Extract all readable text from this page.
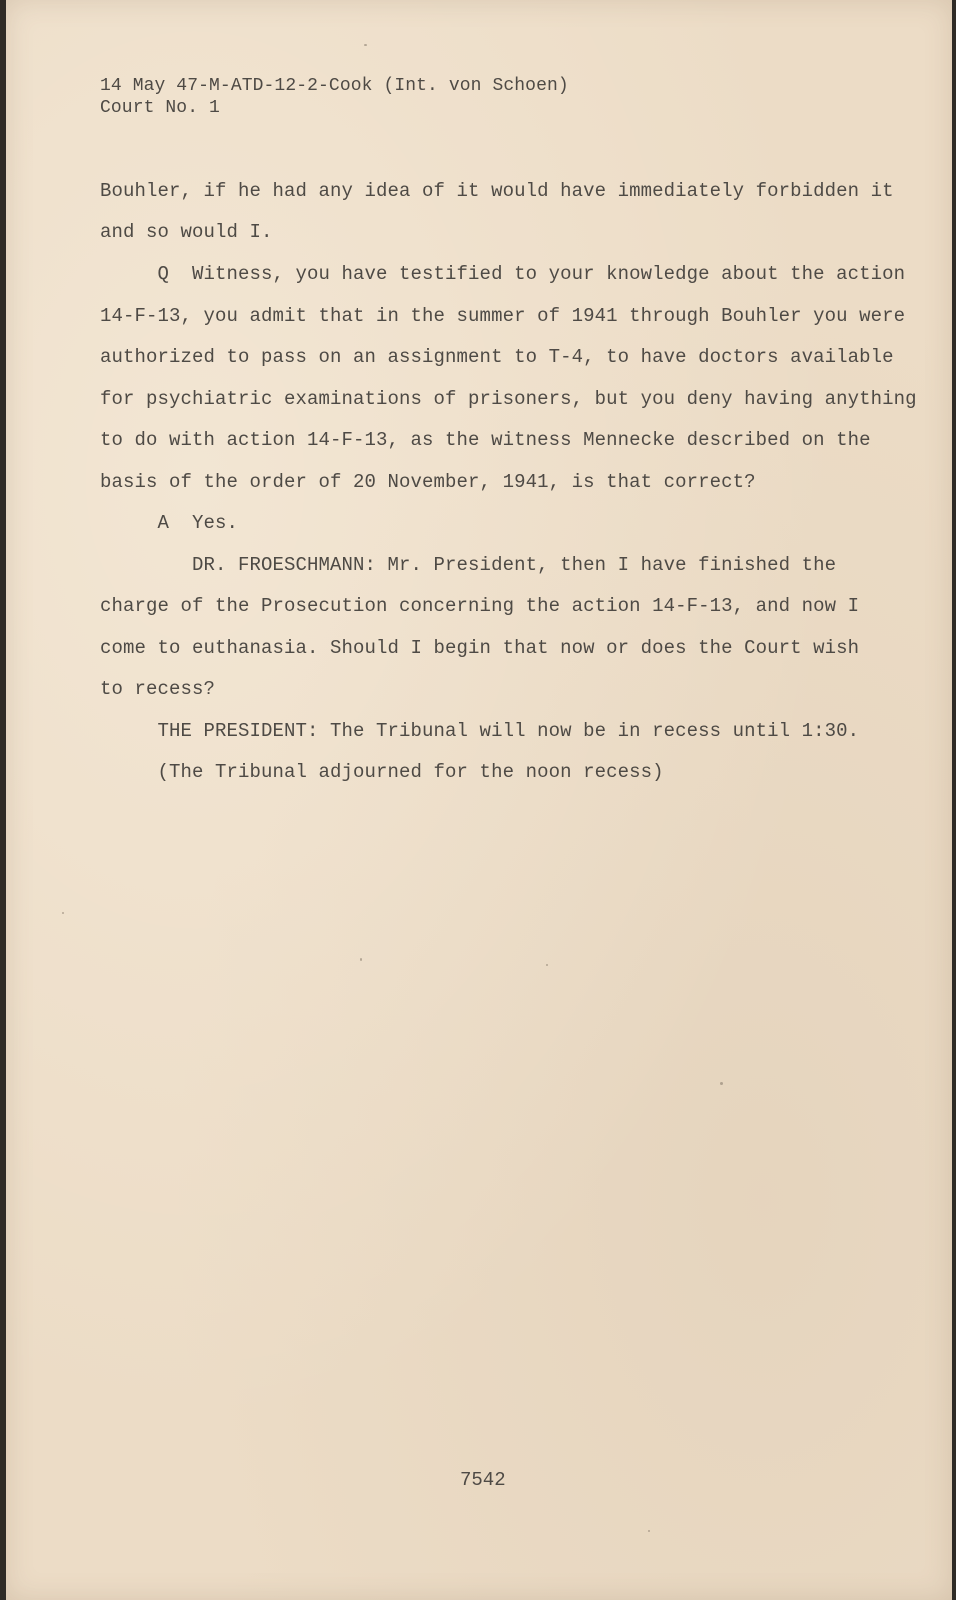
14 May 47-M-ATD-12-2-Cook (Int. von Schoen)

Court No. 1

Bouhler, if he had any idea of it would have immediately forbidden it

and so would I.

Q  Witness, you have testified to your knowledge about the action

14-F-13, you admit that in the summer of 1941 through Bouhler you were

authorized to pass on an assignment to T-4, to have doctors available

for psychiatric examinations of prisoners, but you deny having anything

to do with action 14-F-13, as the witness Mennecke described on the

basis of the order of 20 November, 1941, is that correct?

A  Yes.

DR. FROESCHMANN: Mr. President, then I have finished the

charge of the Prosecution concerning the action 14-F-13, and now I

come to euthanasia. Should I begin that now or does the Court wish

to recess?

THE PRESIDENT: The Tribunal will now be in recess until 1:30.

(The Tribunal adjourned for the noon recess)

7542
